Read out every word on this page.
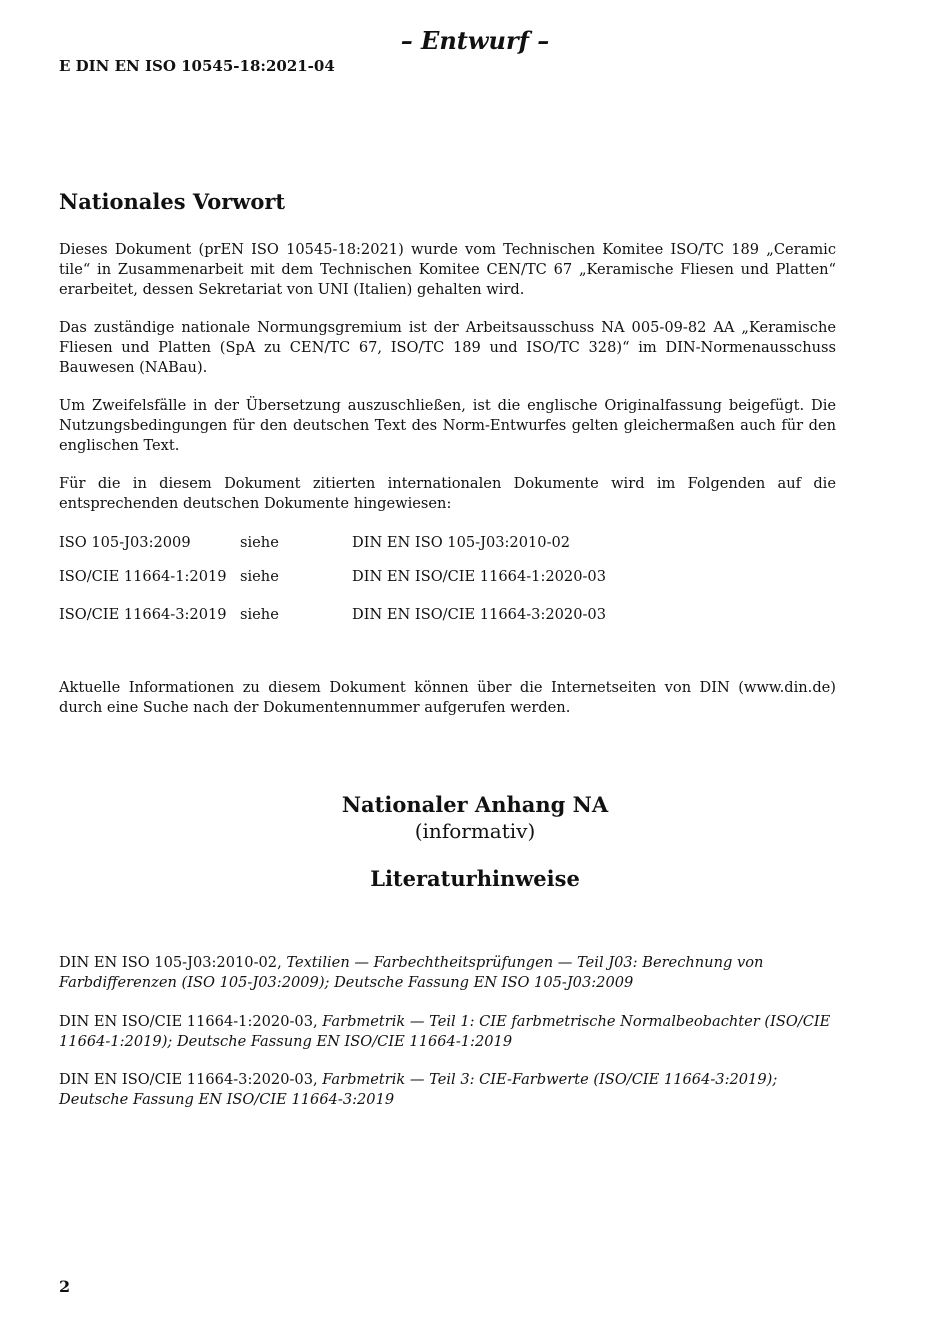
– Entwurf –
E DIN EN ISO 10545-18:2021-04
Nationales Vorwort

Dieses Dokument (prEN ISO 10545-18:2021) wurde vom Technischen Komitee ISO/TC 189 „Ceramic tile“ in Zusammenarbeit mit dem Technischen Komitee CEN/TC 67 „Keramische Fliesen und Platten“ erarbeitet, dessen Sekretariat von UNI (Italien) gehalten wird.

Das zuständige nationale Normungsgremium ist der Arbeitsausschuss NA 005-09-82 AA „Keramische Fliesen und Platten (SpA zu CEN/TC 67, ISO/TC 189 und ISO/TC 328)“ im DIN-Normenausschuss Bauwesen (NABau).

Um Zweifelsfälle in der Übersetzung auszuschließen, ist die englische Originalfassung beigefügt. Die Nutzungsbedingungen für den deutschen Text des Norm-Entwurfes gelten gleichermaßen auch für den englischen Text.

Für die in diesem Dokument zitierten internationalen Dokumente wird im Folgenden auf die entsprechenden deutschen Dokumente hingewiesen:

ISO 105-J03:2009	siehe	DIN EN ISO 105-J03:2010-02
ISO/CIE 11664-1:2019 siehe	DIN EN ISO/CIE 11664-1:2020-03
ISO/CIE 11664-3:2019 siehe	DIN EN ISO/CIE 11664-3:2020-03

Aktuelle Informationen zu diesem Dokument können über die Internetseiten von DIN (www.din.de) durch eine Suche nach der Dokumentennummer aufgerufen werden.

Nationaler Anhang NA
(informativ)
Literaturhinweise

DIN EN ISO 105-J03:2010-02, Textilien — Farbechtheitsprüfungen — Teil J03: Berechnung von Farbdifferenzen (ISO 105-J03:2009); Deutsche Fassung EN ISO 105-J03:2009

DIN EN ISO/CIE 11664-1:2020-03, Farbmetrik — Teil 1: CIE farbmetrische Normalbeobachter (ISO/CIE 11664-1:2019); Deutsche Fassung EN ISO/CIE 11664-1:2019

DIN EN ISO/CIE 11664-3:2020-03, Farbmetrik — Teil 3: CIE-Farbwerte (ISO/CIE 11664-3:2019); Deutsche Fassung EN ISO/CIE 11664-3:2019

2
